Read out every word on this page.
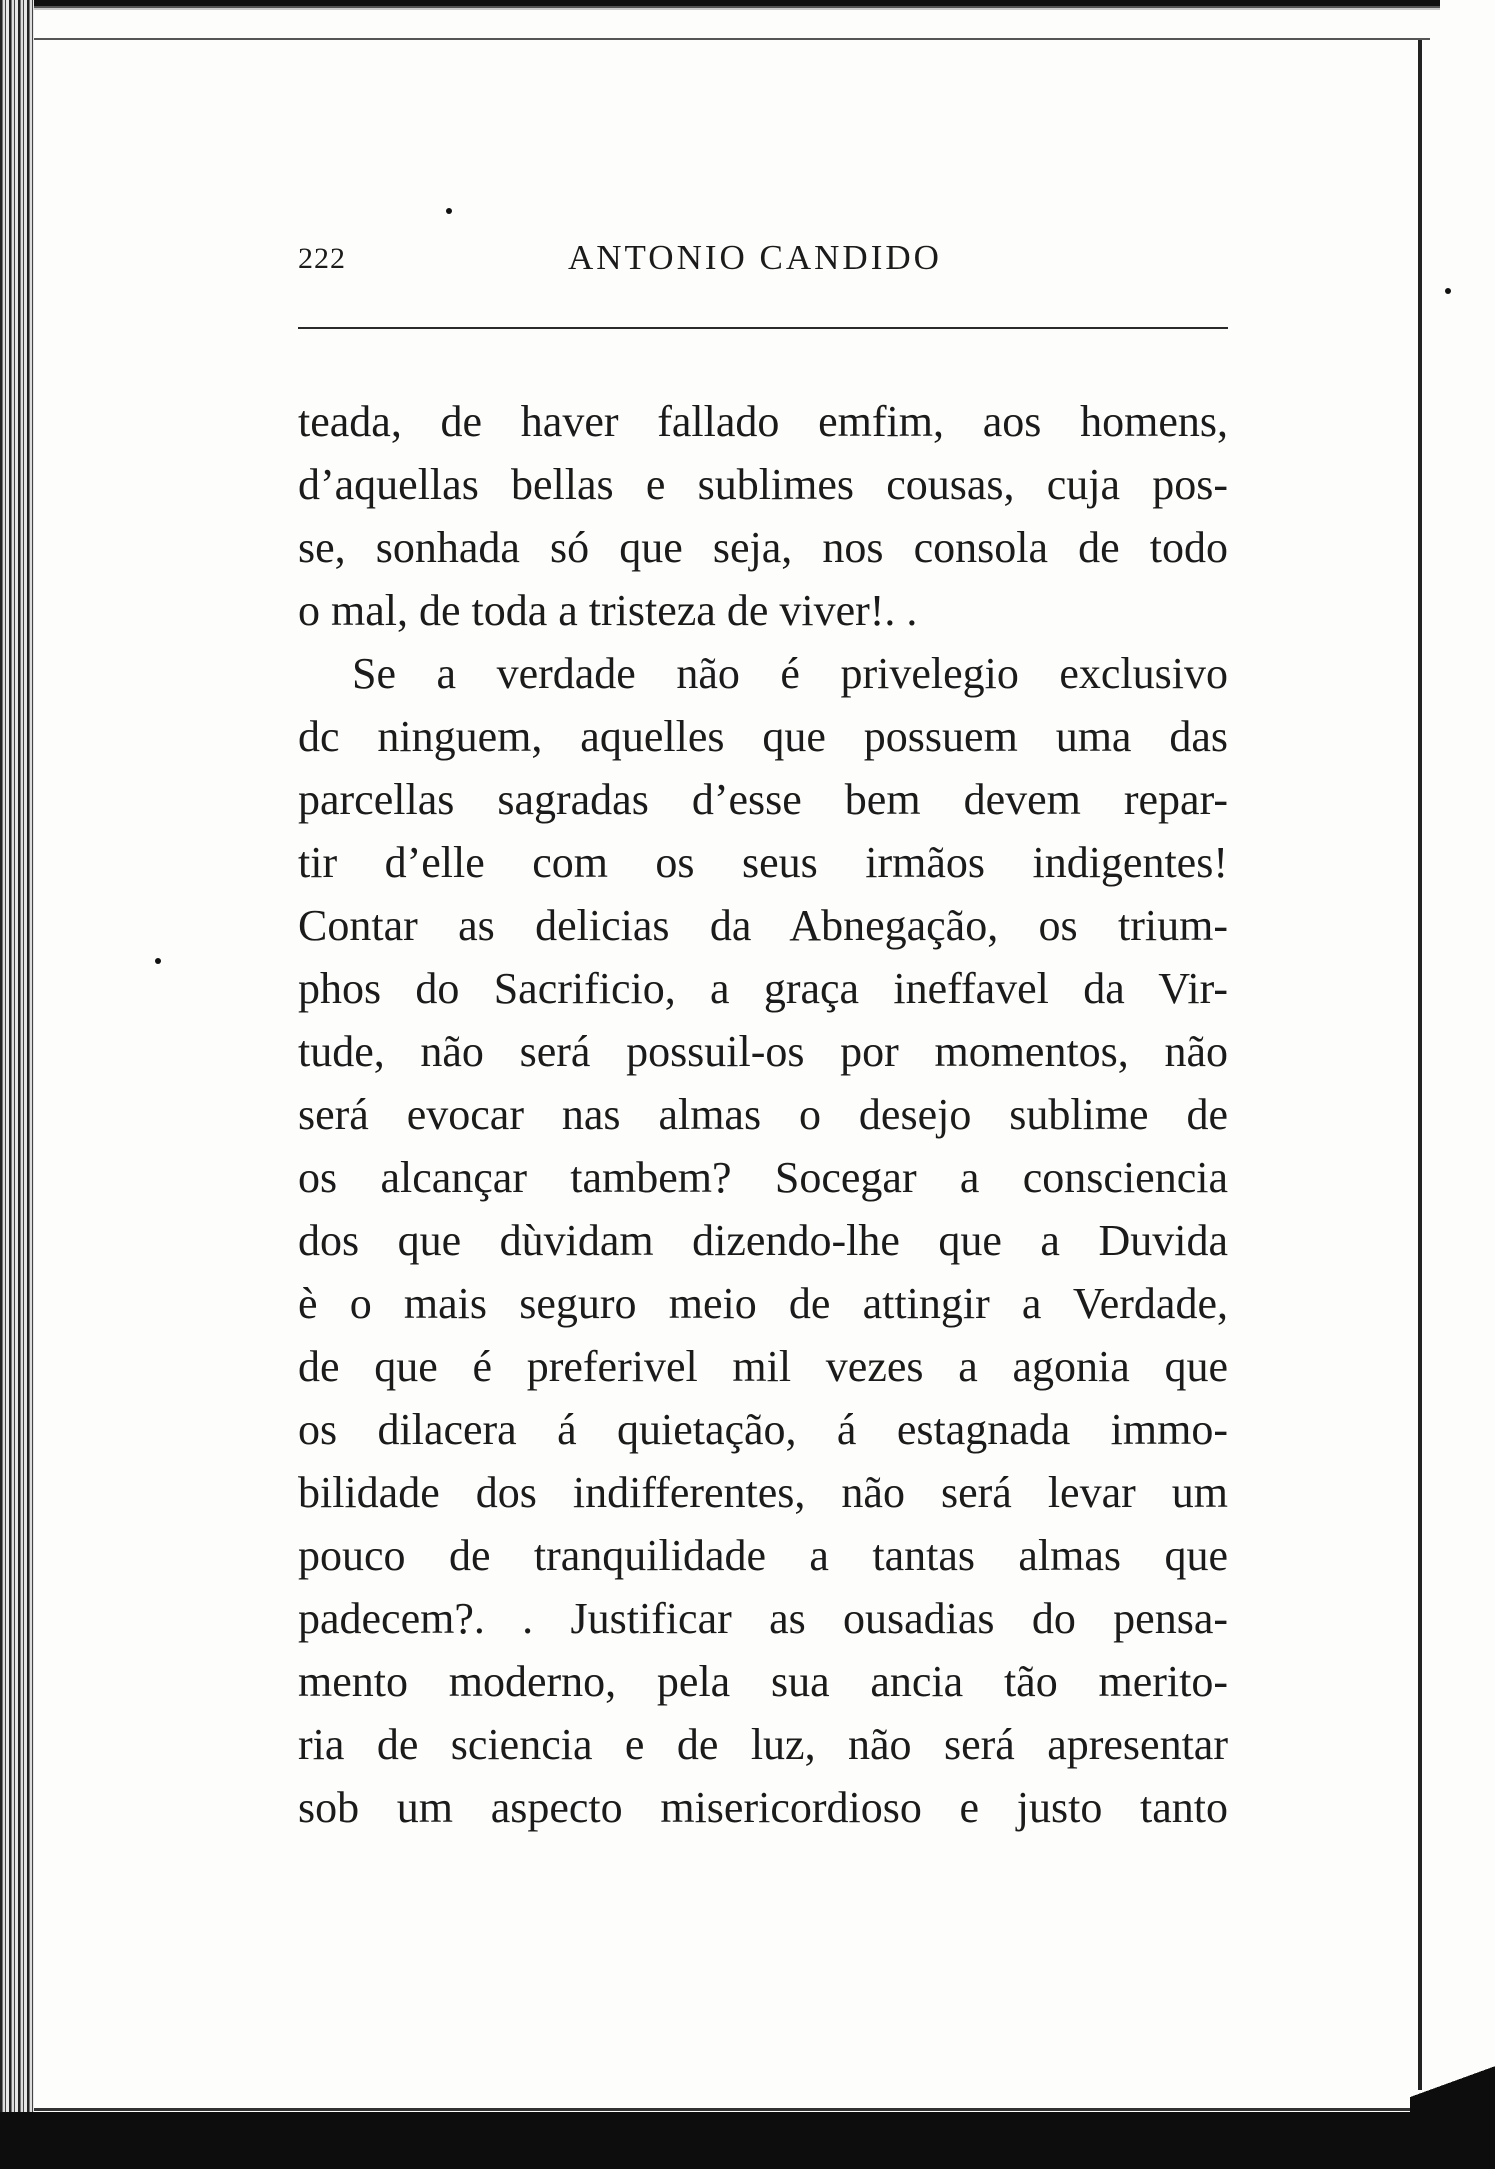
222	ANTONIO CANDIDO
teada, de haver fallado emfim, aos homens,
d’aquellas bellas e sublimes cousas, cuja pos-
se, sonhada só que seja, nos consola de todo
o mal, de toda a tristeza de viver!. .
Se a verdade não é privelegio exclusivo
dc ninguem, aquelles que possuem uma das
parcellas sagradas d’esse bem devem repar-
tir d’elle com os seus irmãos indigentes!
Contar as delicias da Abnegação, os trium-
phos do Sacrificio, a graça ineffavel da Vir-
tude, não será possuil-os por momentos, não
será evocar nas almas o desejo sublime de
os alcançar tambem? Socegar a consciencia
dos que dùvidam dizendo-lhe que a Duvida
è o mais seguro meio de attingir a Verdade,
de que é preferivel mil vezes a agonia que
os dilacera á quietação, á estagnada immo-
bilidade dos indifferentes, não será levar um
pouco de tranquilidade a tantas almas que
padecem?. . Justificar as ousadias do pensa-
mento moderno, pela sua ancia tão merito-
ria de sciencia e de luz, não será apresentar
sob um aspecto misericordioso e justo tanto
